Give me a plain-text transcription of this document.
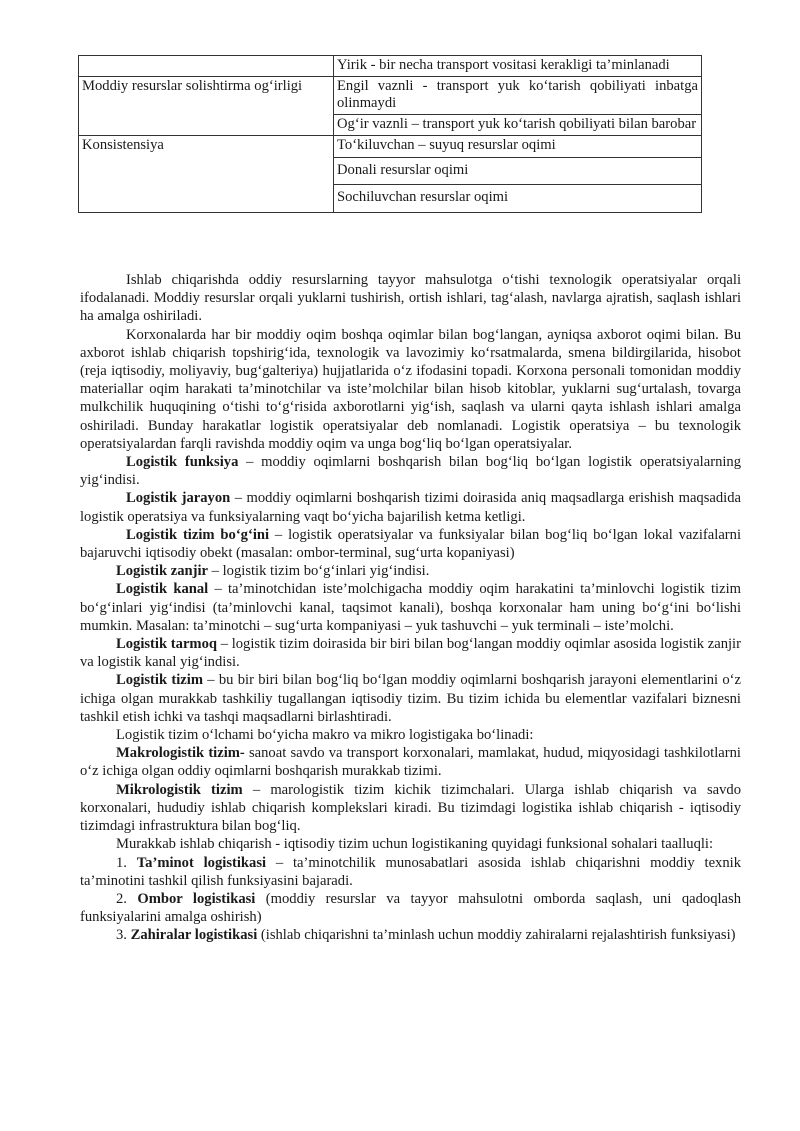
	Yirik - bir necha transport vositasi kerakligi ta’minlanadi
Moddiy resurslar solishtirma og‘irligi	Engil vaznli - transport yuk ko‘tarish qobiliyati inbatga olinmaydi
	Og‘ir vaznli – transport yuk ko‘tarish qobiliyati bilan barobar
Konsistensiya	To‘kiluvchan – suyuq resurslar oqimi
	Donali resurslar oqimi
	Sochiluvchan resurslar oqimi

Ishlab chiqarishda oddiy resurslarning tayyor mahsulotga o‘tishi texnologik operatsiyalar orqali ifodalanadi. Moddiy resurslar orqali yuklarni tushirish, ortish ishlari, tag‘alash, navlarga ajratish, saqlash ishlari ha amalga oshiriladi.

Korxonalarda har bir moddiy oqim boshqa oqimlar bilan bog‘langan, ayniqsa axborot oqimi bilan. Bu axborot ishlab chiqarish topshirig‘ida, texnologik va lavozimiy ko‘rsatmalarda, smena bildirgilarida, hisobot (reja iqtisodiy, moliyaviy, bug‘galteriya) hujjatlarida o‘z ifodasini topadi. Korxona personali tomonidan moddiy materiallar oqim harakati ta’minotchilar va iste’molchilar bilan hisob kitoblar, yuklarni sug‘urtalash, tovarga mulkchilik huquqining o‘tishi to‘g‘risida axborotlarni yig‘ish, saqlash va ularni qayta ishlash ishlari amalga oshiriladi. Bunday harakatlar logistik operatsiyalar deb nomlanadi. Logistik operatsiya – bu texnologik operatsiyalardan farqli ravishda moddiy oqim va unga bog‘liq bo‘lgan operatsiyalar.

Logistik funksiya – moddiy oqimlarni boshqarish bilan bog‘liq bo‘lgan logistik operatsiyalarning yig‘indisi.

Logistik jarayon – moddiy oqimlarni boshqarish tizimi doirasida aniq maqsadlarga erishish maqsadida logistik operatsiya va funksiyalarning vaqt bo‘yicha bajarilish ketma ketligi.

Logistik tizim bo‘g‘ini – logistik operatsiyalar va funksiyalar bilan bog‘liq bo‘lgan lokal vazifalarni bajaruvchi iqtisodiy obekt (masalan: ombor-terminal, sug‘urta kopaniyasi)

Logistik zanjir – logistik tizim bo‘g‘inlari yig‘indisi.

Logistik kanal – ta’minotchidan iste’molchigacha moddiy oqim harakatini ta’minlovchi logistik tizim bo‘g‘inlari yig‘indisi (ta’minlovchi kanal, taqsimot kanali), boshqa korxonalar ham uning bo‘g‘ini bo‘lishi mumkin. Masalan: ta’minotchi – sug‘urta kompaniyasi – yuk tashuvchi – yuk terminali – iste’molchi.

Logistik tarmoq – logistik tizim doirasida bir biri bilan bog‘langan moddiy oqimlar asosida logistik zanjir va logistik kanal yig‘indisi.

Logistik tizim – bu bir biri bilan bog‘liq bo‘lgan moddiy oqimlarni boshqarish jarayoni elementlarini o‘z ichiga olgan murakkab tashkiliy tugallangan iqtisodiy tizim. Bu tizim ichida bu elementlar vazifalari biznesni tashkil etish ichki va tashqi maqsadlarni birlashtiradi.

Logistik tizim o‘lchami bo‘yicha makro va mikro logistigaka bo‘linadi:

Makrologistik tizim- sanoat savdo va transport korxonalari, mamlakat, hudud, miqyosidagi tashkilotlarni o‘z ichiga olgan oddiy oqimlarni boshqarish murakkab tizimi.

Mikrologistik tizim – marologistik tizim kichik tizimchalari. Ularga ishlab chiqarish va savdo korxonalari, hududiy ishlab chiqarish komplekslari kiradi. Bu tizimdagi logistika ishlab chiqarish - iqtisodiy tizimdagi infrastruktura bilan bog‘liq.

Murakkab ishlab chiqarish - iqtisodiy tizim uchun logistikaning quyidagi funksional sohalari taalluqli:

1. Ta’minot logistikasi – ta’minotchilik munosabatlari asosida ishlab chiqarishni moddiy texnik ta’minotini tashkil qilish funksiyasini bajaradi.

2. Ombor logistikasi (moddiy resurslar va tayyor mahsulotni omborda saqlash, uni qadoqlash funksiyalarini amalga oshirish)

3. Zahiralar logistikasi (ishlab chiqarishni ta’minlash uchun moddiy zahiralarni rejalashtirish funksiyasi)
